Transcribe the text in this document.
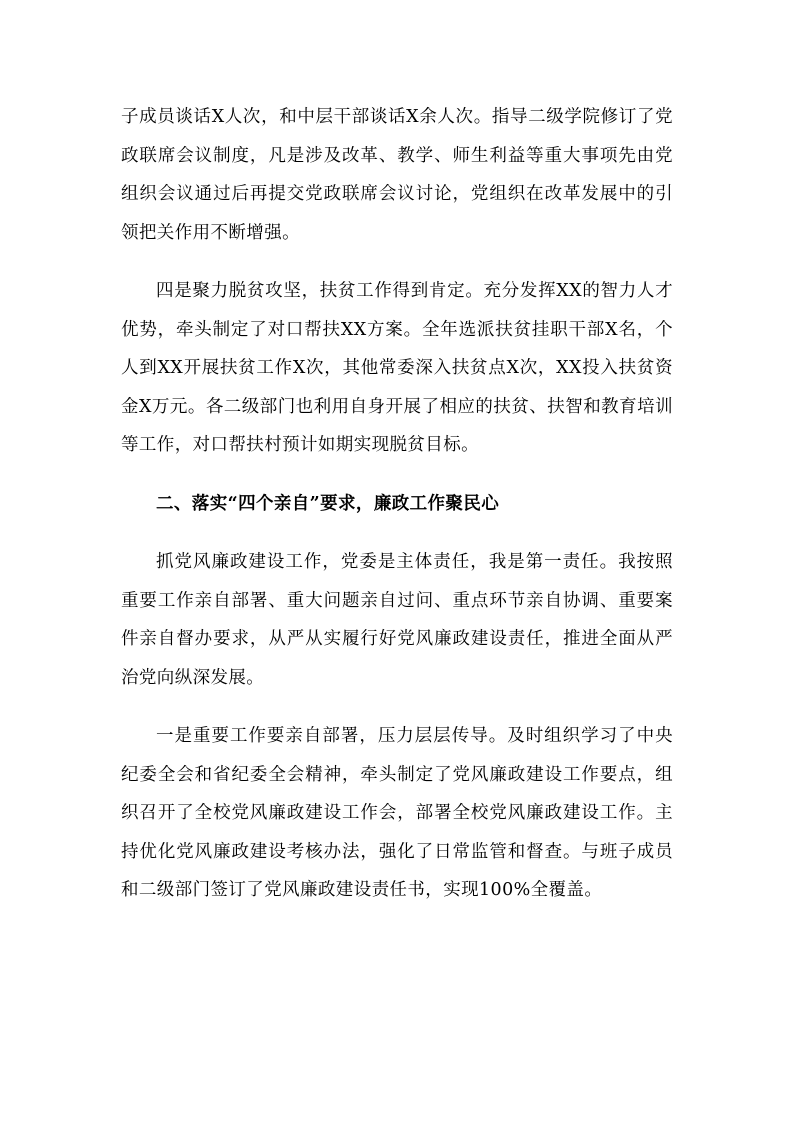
子成员谈话X人次，和中层干部谈话X余人次。指导二级学院修订了党政联席会议制度，凡是涉及改革、教学、师生利益等重大事项先由党组织会议通过后再提交党政联席会议讨论，党组织在改革发展中的引领把关作用不断增强。

四是聚力脱贫攻坚，扶贫工作得到肯定。充分发挥XX的智力人才优势，牵头制定了对口帮扶XX方案。全年选派扶贫挂职干部X名，个人到XX开展扶贫工作X次，其他常委深入扶贫点X次，XX投入扶贫资金X万元。各二级部门也利用自身开展了相应的扶贫、扶智和教育培训等工作，对口帮扶村预计如期实现脱贫目标。

二、落实“四个亲自”要求，廉政工作聚民心

抓党风廉政建设工作，党委是主体责任，我是第一责任。我按照重要工作亲自部署、重大问题亲自过问、重点环节亲自协调、重要案件亲自督办要求，从严从实履行好党风廉政建设责任，推进全面从严治党向纵深发展。

一是重要工作要亲自部署，压力层层传导。及时组织学习了中央纪委全会和省纪委全会精神，牵头制定了党风廉政建设工作要点，组织召开了全校党风廉政建设工作会，部署全校党风廉政建设工作。主持优化党风廉政建设考核办法，强化了日常监管和督查。与班子成员和二级部门签订了党风廉政建设责任书，实现100%全覆盖。
